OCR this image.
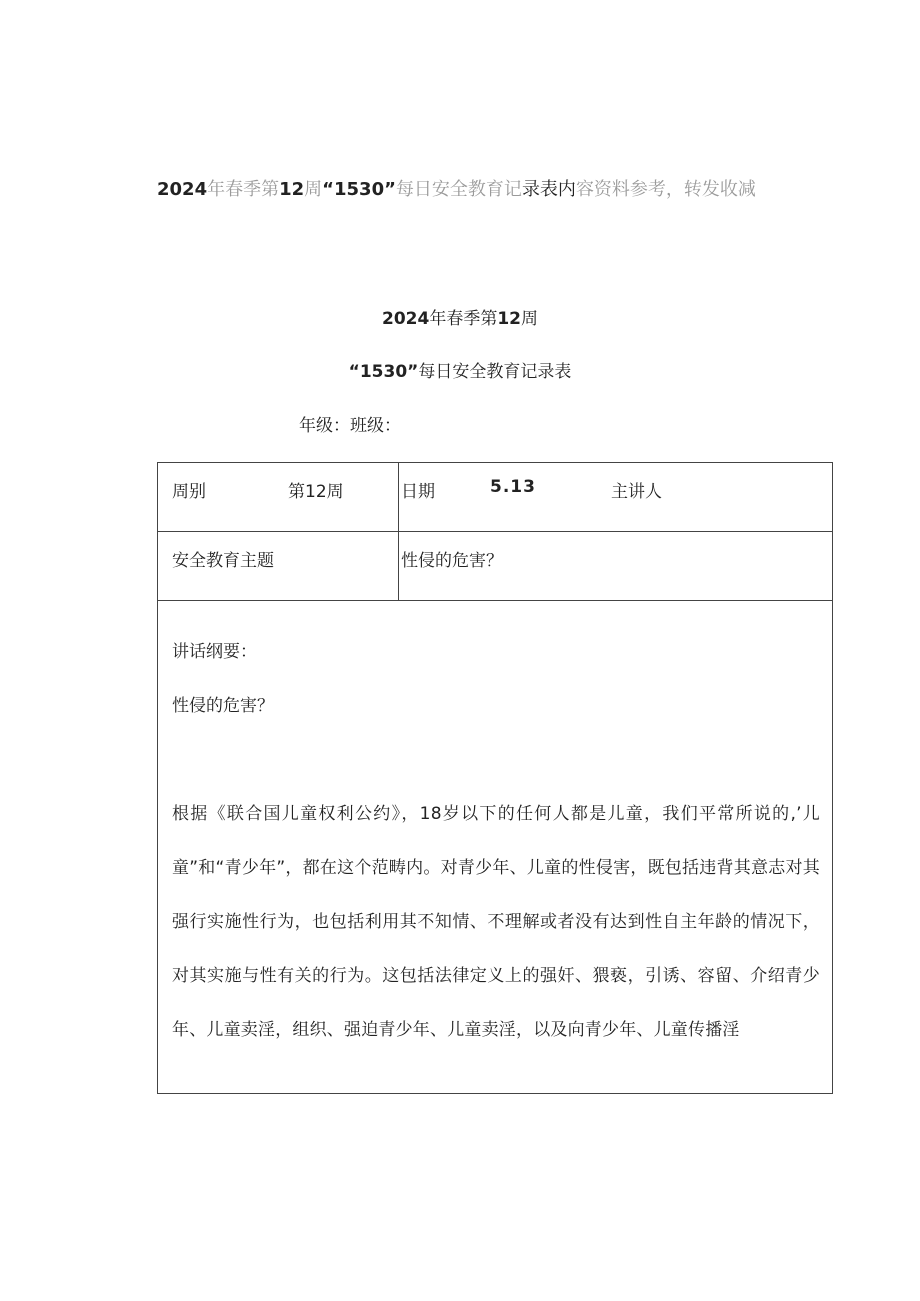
2024年春季第12周“1530”每日安全教育记录表内容资料参考，转发收减

2024年春季第12周

“1530”每日安全教育记录表

年级：班级：

周别 第12周	日期 5.13 主讲人

安全教育主题	性侵的危害？

讲话纲要：

性侵的危害？

根据《联合国儿童权利公约》，18岁以下的任何人都是儿童，我们平常所说的,’儿童”和“青少年”，都在这个范畴内。对青少年、儿童的性侵害，既包括违背其意志对其强行实施性行为，也包括利用其不知情、不理解或者没有达到性自主年龄的情况下，对其实施与性有关的行为。这包括法律定义上的强奸、猥亵，引诱、容留、介绍青少年、儿童卖淫，组织、强迫青少年、儿童卖淫，以及向青少年、儿童传播淫	
